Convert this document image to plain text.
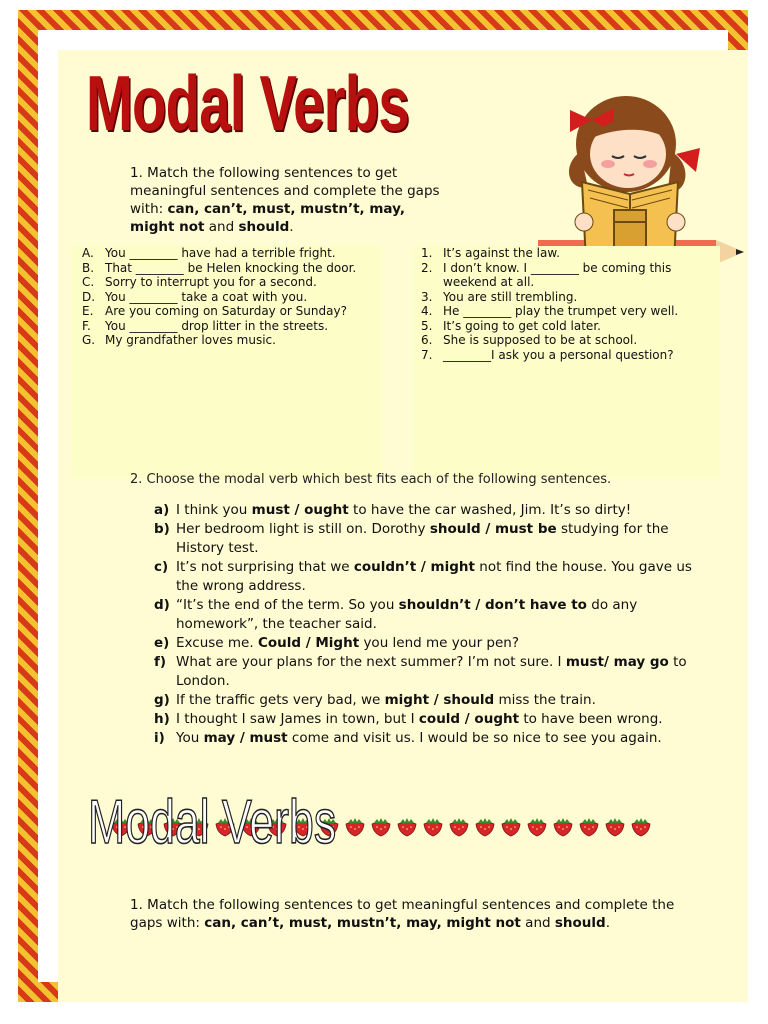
Modal Verbs
1. Match the following sentences to get meaningful sentences and complete the gaps with: can, can’t, must, mustn’t, may, might not and should.
A. You ________ have had a terrible fright.
B. That ________ be Helen knocking the door.
C. Sorry to interrupt you for a second.
D. You ________ take a coat with you.
E. Are you coming on Saturday or Sunday?
F.	You ________ drop litter in the streets.
G. My grandfather loves music.
1. It’s against the law.
2. I don’t know. I ________ be coming this weekend at all.
3. You are still trembling.
4. He ________ play the trumpet very well.
5. It’s going to get cold later.
6. She is supposed to be at school.
7. ________I ask you a personal question?
2. Choose the modal verb which best fits each of the following sentences.
a) I think you must / ought to have the car washed, Jim. It’s so dirty!
b) Her bedroom light is still on. Dorothy should / must be studying for the History test.
c) It’s not surprising that we couldn’t / might not find the house. You gave us the wrong address.
d) “It’s the end of the term. So you shouldn’t / don’t have to do any homework”, the teacher said.
e) Excuse me. Could / Might you lend me your pen?
f) What are your plans for the next summer? I’m not sure. I must/ may go to London.
g) If the traffic gets very bad, we might / should miss the train.
h) I thought I saw James in town, but I could / ought to have been wrong.
i) You may / must come and visit us. I would be so nice to see you again.
Modal Verbs
1. Match the following sentences to get meaningful sentences and complete the gaps with: can, can’t, must, mustn’t, may, might not and should.
